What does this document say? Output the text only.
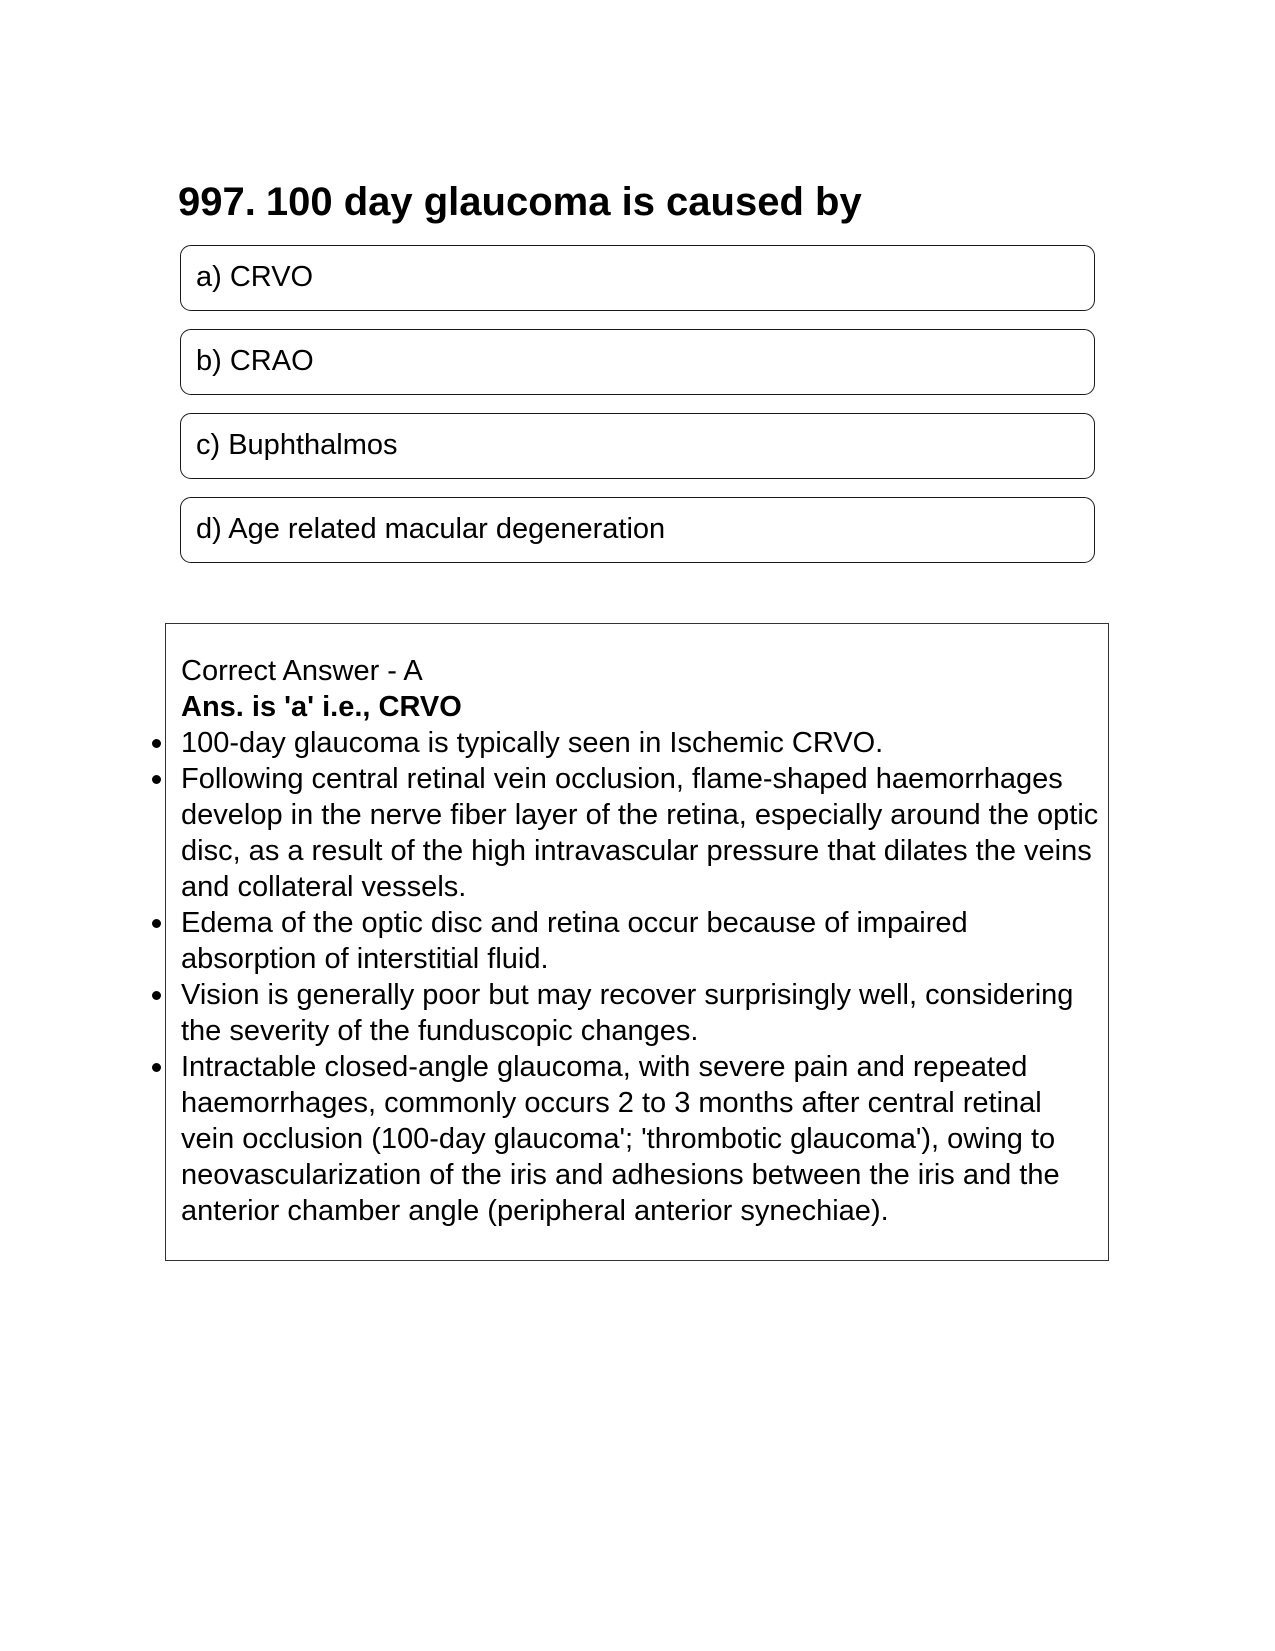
997. 100 day glaucoma is caused by
a) CRVO
b) CRAO
c) Buphthalmos
d) Age related macular degeneration

Correct Answer - A

Ans. is 'a' i.e., CRVO

100-day glaucoma is typically seen in Ischemic CRVO.
Following central retinal vein occlusion, flame-shaped haemorrhages develop in the nerve fiber layer of the retina, especially around the optic disc, as a result of the high intravascular pressure that dilates the veins and collateral vessels.
Edema of the optic disc and retina occur because of impaired absorption of interstitial fluid.
Vision is generally poor but may recover surprisingly well, considering the severity of the funduscopic changes.
Intractable closed-angle glaucoma, with severe pain and repeated haemorrhages, commonly occurs 2 to 3 months after central retinal vein occlusion (100-day glaucoma'; 'thrombotic glaucoma'), owing to neovascularization of the iris and adhesions between the iris and the anterior chamber angle (peripheral anterior synechiae).
